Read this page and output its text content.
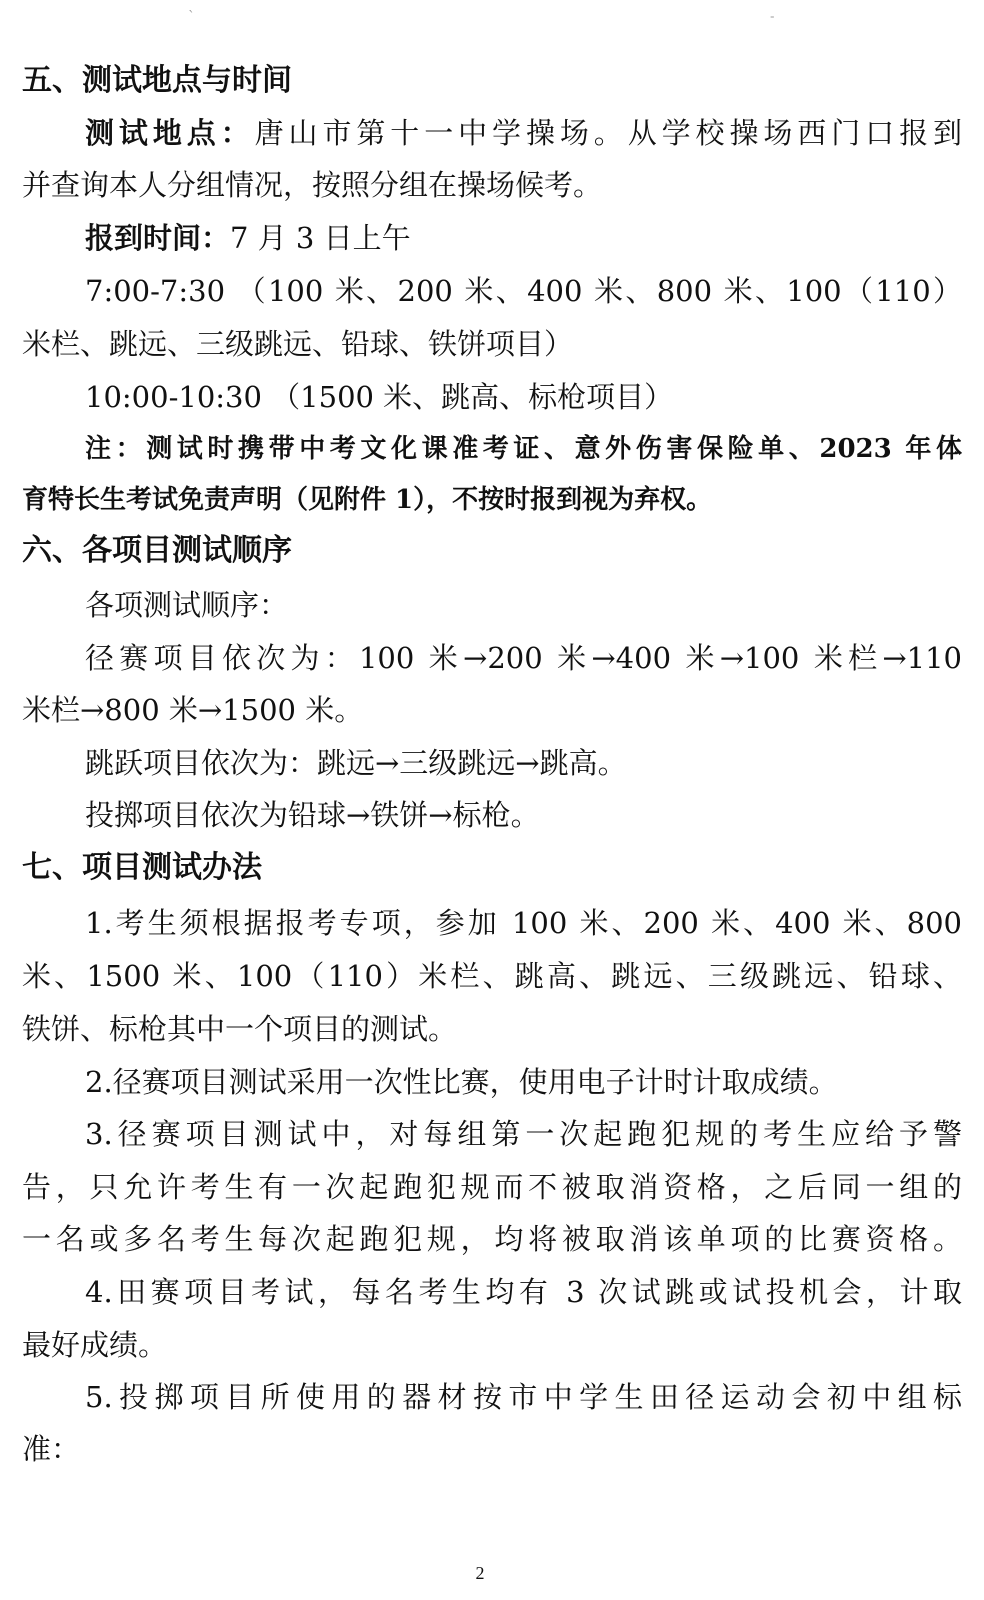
ˋ	˗
五、测试地点与时间
测试地点：唐山市第十一中学操场。从学校操场西门口报到
并查询本人分组情况，按照分组在操场候考。
报到时间：7 月 3 日上午
7:00-7:30 （100 米、200 米、400 米、800 米、100（110）
米栏、跳远、三级跳远、铅球、铁饼项目）
10:00-10:30 （1500 米、跳高、标枪项目）
注：测试时携带中考文化课准考证、意外伤害保险单、2023 年体
育特长生考试免责声明（见附件 1），不按时报到视为弃权。
六、各项目测试顺序
各项测试顺序：
径赛项目依次为：100 米→200 米→400 米→100 米栏→110
米栏→800 米→1500 米。
跳跃项目依次为：跳远→三级跳远→跳高。
投掷项目依次为铅球→铁饼→标枪。
七、项目测试办法
1.考生须根据报考专项，参加 100 米、200 米、400 米、800
米、1500 米、100（110）米栏、跳高、跳远、三级跳远、铅球、
铁饼、标枪其中一个项目的测试。
2.径赛项目测试采用一次性比赛，使用电子计时计取成绩。
3.径赛项目测试中，对每组第一次起跑犯规的考生应给予警
告，只允许考生有一次起跑犯规而不被取消资格，之后同一组的
一名或多名考生每次起跑犯规，均将被取消该单项的比赛资格。
4.田赛项目考试，每名考生均有 3 次试跳或试投机会，计取
最好成绩。
5.投掷项目所使用的器材按市中学生田径运动会初中组标
准：
2
